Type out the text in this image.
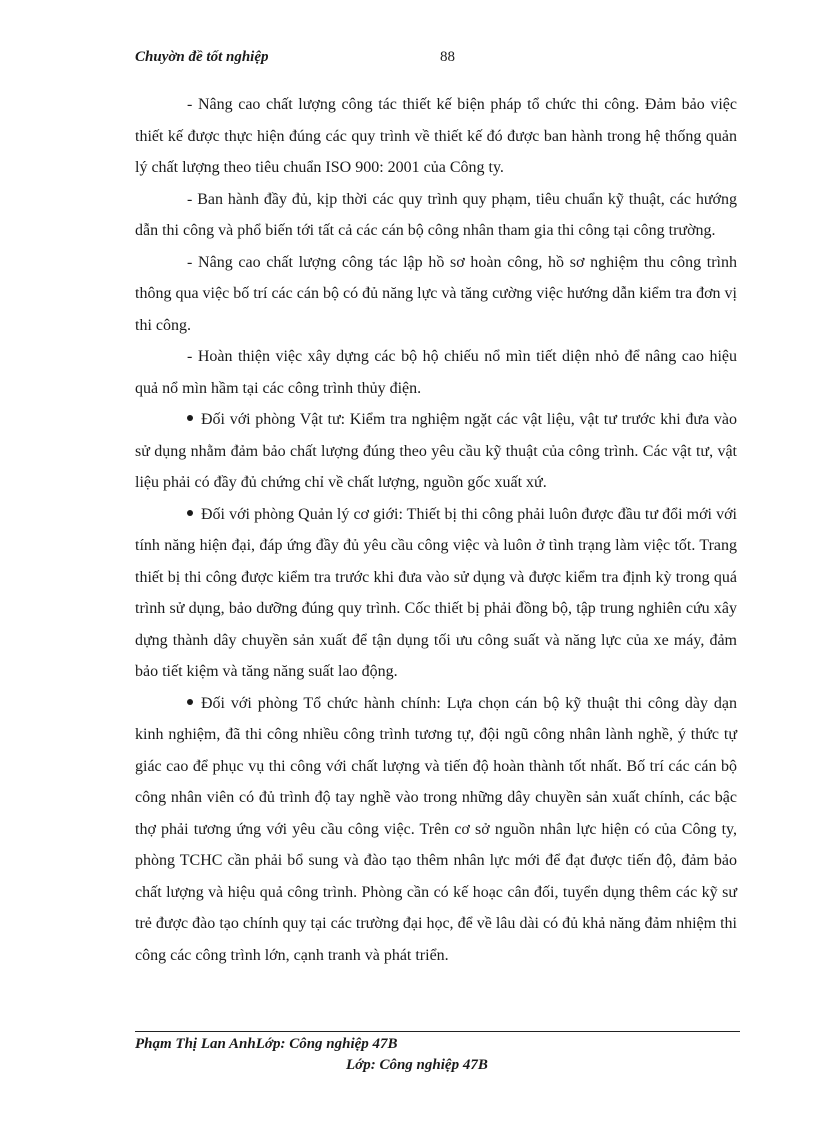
Chuyờn đề tốt nghiệp	88

- Nâng cao chất lượng công tác thiết kế biện pháp tổ chức thi công. Đảm bảo việc thiết kế được thực hiện đúng các quy trình về thiết kế đó được ban hành trong hệ thống quản lý chất lượng theo tiêu chuẩn ISO 900: 2001 của Công ty.

- Ban hành đầy đủ, kịp thời các quy trình quy phạm, tiêu chuẩn kỹ thuật, các hướng dẫn thi công và phổ biến tới tất cả các cán bộ công nhân tham gia thi công tại công trường.

- Nâng cao chất lượng công tác lập hồ sơ hoàn công, hồ sơ nghiệm thu công trình thông qua việc bố trí các cán bộ có đủ năng lực và tăng cường việc hướng dẫn kiểm tra đơn vị thi công.

- Hoàn thiện việc xây dựng các bộ hộ chiếu nổ mìn tiết diện nhỏ để nâng cao hiệu quả nổ mìn hầm tại các công trình thủy điện.

Đối với phòng Vật tư: Kiểm tra nghiệm ngặt các vật liệu, vật tư trước khi đưa vào sử dụng nhằm đảm bảo chất lượng đúng theo yêu cầu kỹ thuật của công trình. Các vật tư, vật liệu phải có đầy đủ chứng chỉ về chất lượng, nguồn gốc xuất xứ.

Đối với phòng Quản lý cơ giới: Thiết bị thi công phải luôn được đầu tư đổi mới với tính năng hiện đại, đáp ứng đầy đủ yêu cầu công việc và luôn ở tình trạng làm việc tốt. Trang thiết bị thi công được kiểm tra trước khi đưa vào sử dụng và được kiểm tra định kỳ trong quá trình sử dụng, bảo dưỡng đúng quy trình. Cốc thiết bị phải đồng bộ, tập trung nghiên cứu xây dựng thành dây chuyền sản xuất để tận dụng tối ưu công suất và năng lực của xe máy, đảm bảo tiết kiệm và tăng năng suất lao động.

Đối với phòng Tổ chức hành chính: Lựa chọn cán bộ kỹ thuật thi công dày dạn kinh nghiệm, đã thi công nhiều công trình tương tự, đội ngũ công nhân lành nghề, ý thức tự giác cao để phục vụ thi công với chất lượng và tiến độ hoàn thành tốt nhất. Bố trí các cán bộ công nhân viên có đủ trình độ tay nghề vào trong những dây chuyền sản xuất chính, các bậc thợ phải tương ứng với yêu cầu công việc. Trên cơ sở nguồn nhân lực hiện có của Công ty, phòng TCHC cần phải bổ sung và đào tạo thêm nhân lực mới để đạt được tiến độ, đảm bảo chất lượng và hiệu quả công trình. Phòng cần có kế hoạc cân đối, tuyển dụng thêm các kỹ sư trẻ được đào tạo chính quy tại các trường đại học, để về lâu dài có đủ khả năng đảm nhiệm thi công các công trình lớn, cạnh tranh và phát triển.

Phạm Thị Lan AnhLớp: Công nghiệp 47B
Lớp: Công nghiệp 47B
